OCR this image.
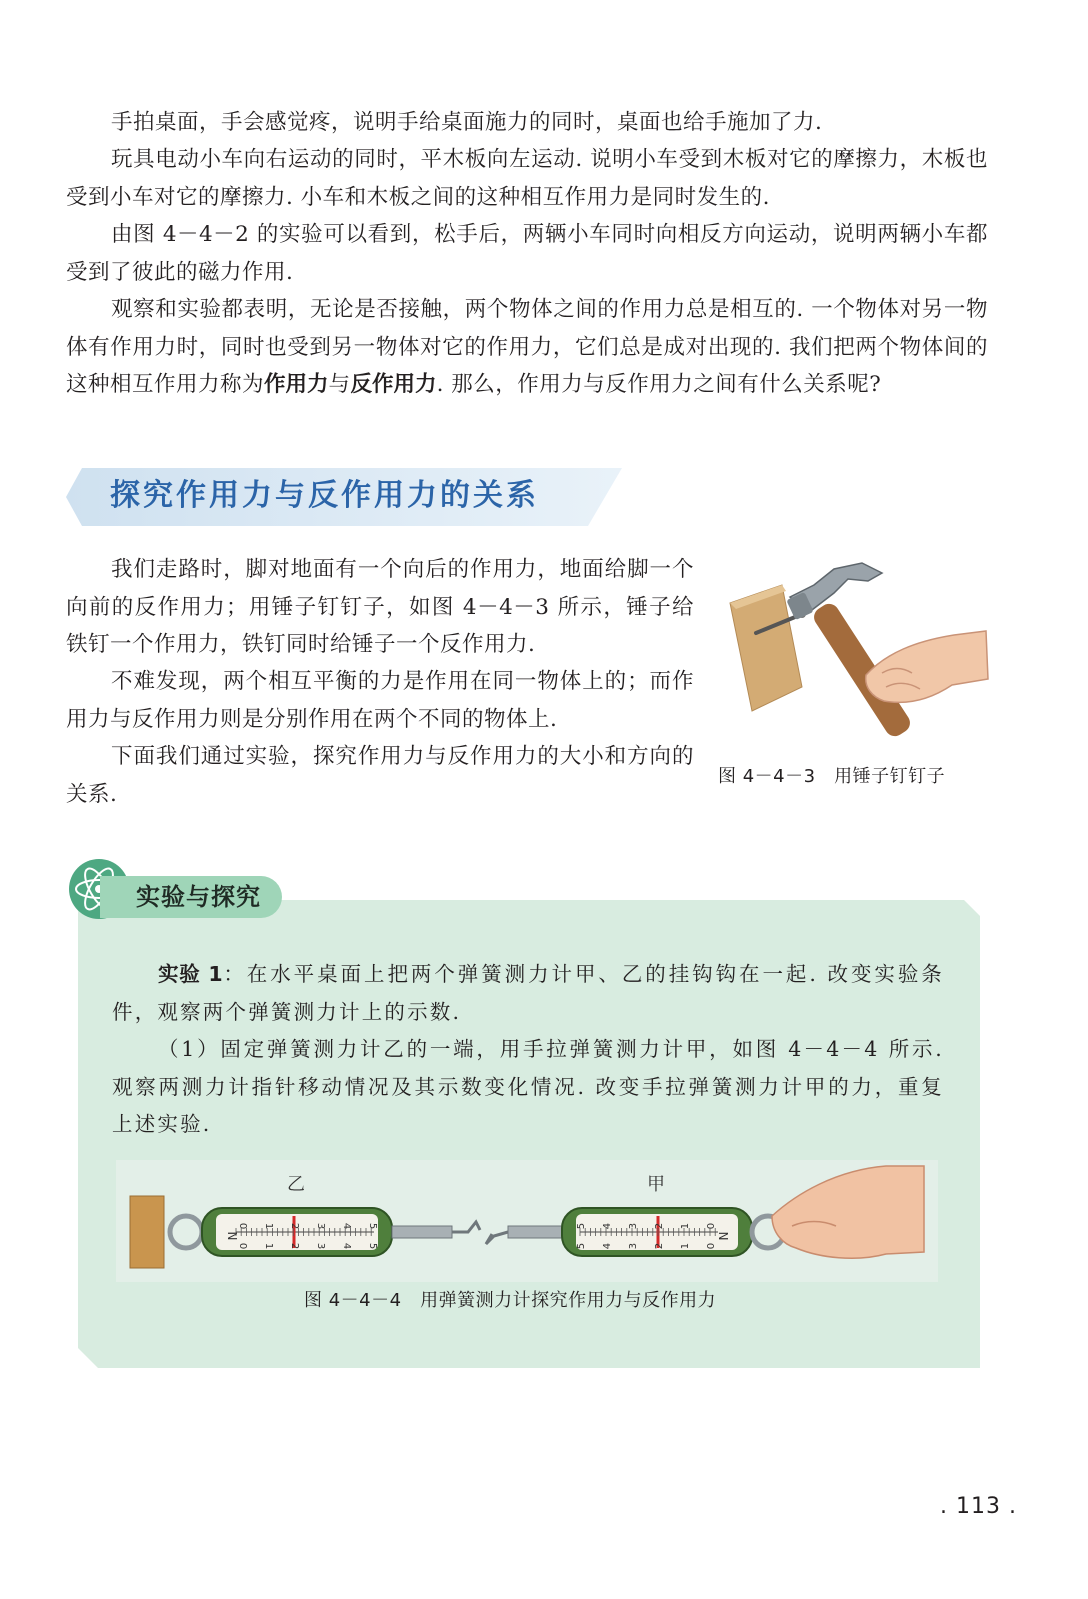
手拍桌面，手会感觉疼，说明手给桌面施力的同时，桌面也给手施加了力.

玩具电动小车向右运动的同时，平木板向左运动. 说明小车受到木板对它的摩擦力，木板也受到小车对它的摩擦力. 小车和木板之间的这种相互作用力是同时发生的.

由图 4－4－2 的实验可以看到，松手后，两辆小车同时向相反方向运动，说明两辆小车都受到了彼此的磁力作用.

观察和实验都表明，无论是否接触，两个物体之间的作用力总是相互的. 一个物体对另一物体有作用力时，同时也受到另一物体对它的作用力，它们总是成对出现的. 我们把两个物体间的这种相互作用力称为作用力与反作用力. 那么，作用力与反作用力之间有什么关系呢?

探究作用力与反作用力的关系

我们走路时，脚对地面有一个向后的作用力，地面给脚一个向前的反作用力；用锤子钉钉子，如图 4－4－3 所示，锤子给铁钉一个作用力，铁钉同时给锤子一个反作用力.

不难发现，两个相互平衡的力是作用在同一物体上的；而作用力与反作用力则是分别作用在两个不同的物体上.

下面我们通过实验，探究作用力与反作用力的大小和方向的关系.

图 4－4－3　用锤子钉钉子
实验与探究

实验 1：在水平桌面上把两个弹簧测力计甲、乙的挂钩钩在一起. 改变实验条件，观察两个弹簧测力计上的示数.

（1）固定弹簧测力计乙的一端，用手拉弹簧测力计甲，如图 4－4－4 所示. 观察两测力计指针移动情况及其示数变化情况. 改变手拉弹簧测力计甲的力，重复上述实验.

乙	甲
N	N
0
0
1
1
2
2
3
3
4
4
5
5
5
5
4
4
3
3
2
2
1
1
0
0
图 4－4－4　用弹簧测力计探究作用力与反作用力
. 113 .
